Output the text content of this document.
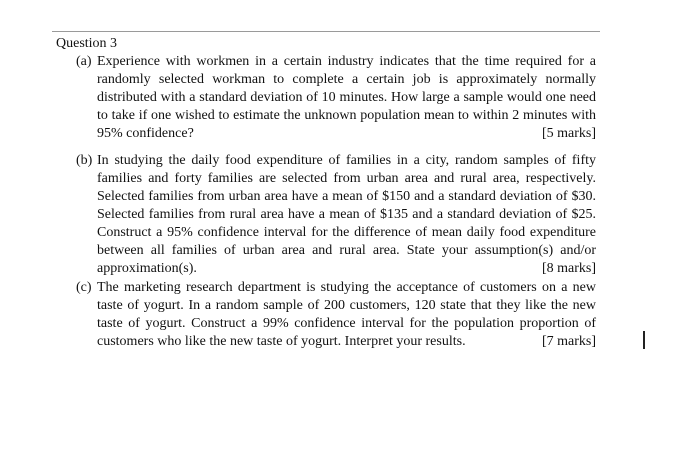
Question 3
(a) Experience with workmen in a certain industry indicates that the time required for a
randomly selected workman to complete a certain job is approximately normally
distributed with a standard deviation of 10 minutes. How large a sample would one need
to take if one wished to estimate the unknown population mean to within 2 minutes with
95% confidence?	[5 marks]
(b) In studying the daily food expenditure of families in a city, random samples of fifty
families and forty families are selected from urban area and rural area, respectively.
Selected families from urban area have a mean of $150 and a standard deviation of $30.
Selected families from rural area have a mean of $135 and a standard deviation of $25.
Construct a 95% confidence interval for the difference of mean daily food expenditure
between all families of urban area and rural area. State your assumption(s) and/or
approximation(s).	[8 marks]
(c) The marketing research department is studying the acceptance of customers on a new
taste of yogurt. In a random sample of 200 customers, 120 state that they like the new
taste of yogurt. Construct a 99% confidence interval for the population proportion of
customers who like the new taste of yogurt. Interpret your results.	[7 marks]
